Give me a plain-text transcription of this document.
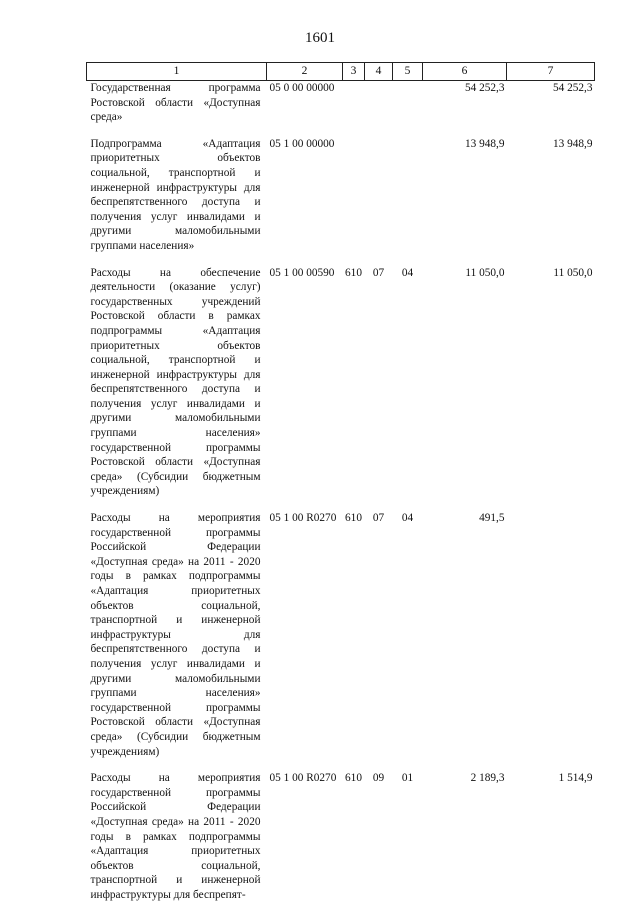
1601
1	2	3	4	5	6	7
Государственная программа Ростовской области «Доступная среда»	05 0 00 00000				54 252,3	54 252,3
Подпрограмма «Адаптация приоритетных объектов социальной, транспортной и инженерной инфраструктуры для беспрепятственного доступа и получения услуг инвалидами и другими маломобильными группами населения»	05 1 00 00000				13 948,9	13 948,9
Расходы на обеспечение деятельности (оказание услуг) государственных учреждений Ростовской области в рамках подпрограммы «Адаптация приоритетных объектов социальной, транспортной и инженерной инфраструктуры для беспрепятственного доступа и получения услуг инвалидами и другими маломобильными группами населения» государственной программы Ростовской области «Доступная среда» (Субсидии бюджетным учреждениям)	05 1 00 00590	610	07	04	11 050,0	11 050,0
Расходы на мероприятия государственной программы Российской Федерации «Доступная среда» на 2011 - 2020 годы в рамках подпрограммы «Адаптация приоритетных объектов социальной, транспортной и инженерной инфраструктуры для беспрепятственного доступа и получения услуг инвалидами и другими маломобильными группами населения» государственной программы Ростовской области «Доступная среда» (Субсидии бюджетным учреждениям)	05 1 00 R0270	610	07	04	491,5	
Расходы на мероприятия государственной программы Российской Федерации «Доступная среда» на 2011 - 2020 годы в рамках подпрограммы «Адаптация приоритетных объектов социальной, транспортной и инженерной инфраструктуры для беспрепят-	05 1 00 R0270	610	09	01	2 189,3	1 514,9
